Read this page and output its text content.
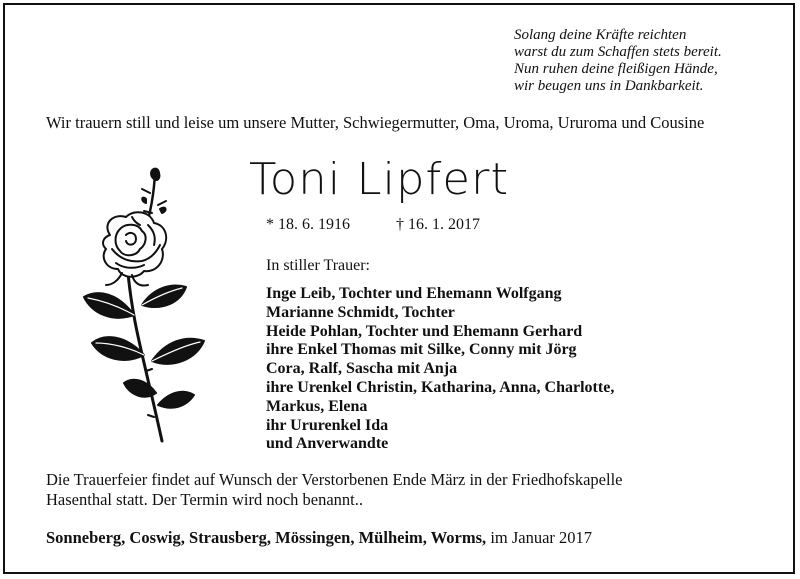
Solang deine Kräfte reichten
warst du zum Schaffen stets bereit.
Nun ruhen deine fleißigen Hände,
wir beugen uns in Dankbarkeit.
Wir trauern still und leise um unsere Mutter, Schwiegermutter, Oma, Uroma, Ururoma und Cousine
Toni Lipfert
* 18. 6. 1916	† 16. 1. 2017
In stiller Trauer:
Inge Leib, Tochter und Ehemann Wolfgang
Marianne Schmidt, Tochter
Heide Pohlan, Tochter und Ehemann Gerhard
ihre Enkel Thomas mit Silke, Conny mit Jörg
Cora, Ralf, Sascha mit Anja
ihre Urenkel Christin, Katharina, Anna, Charlotte,
Markus, Elena
ihr Ururenkel Ida
und Anverwandte
Die Trauerfeier findet auf Wunsch der Verstorbenen Ende März in der Friedhofskapelle
Hasenthal statt. Der Termin wird noch benannt..
Sonneberg, Coswig, Strausberg, Mössingen, Mülheim, Worms, im Januar 2017
